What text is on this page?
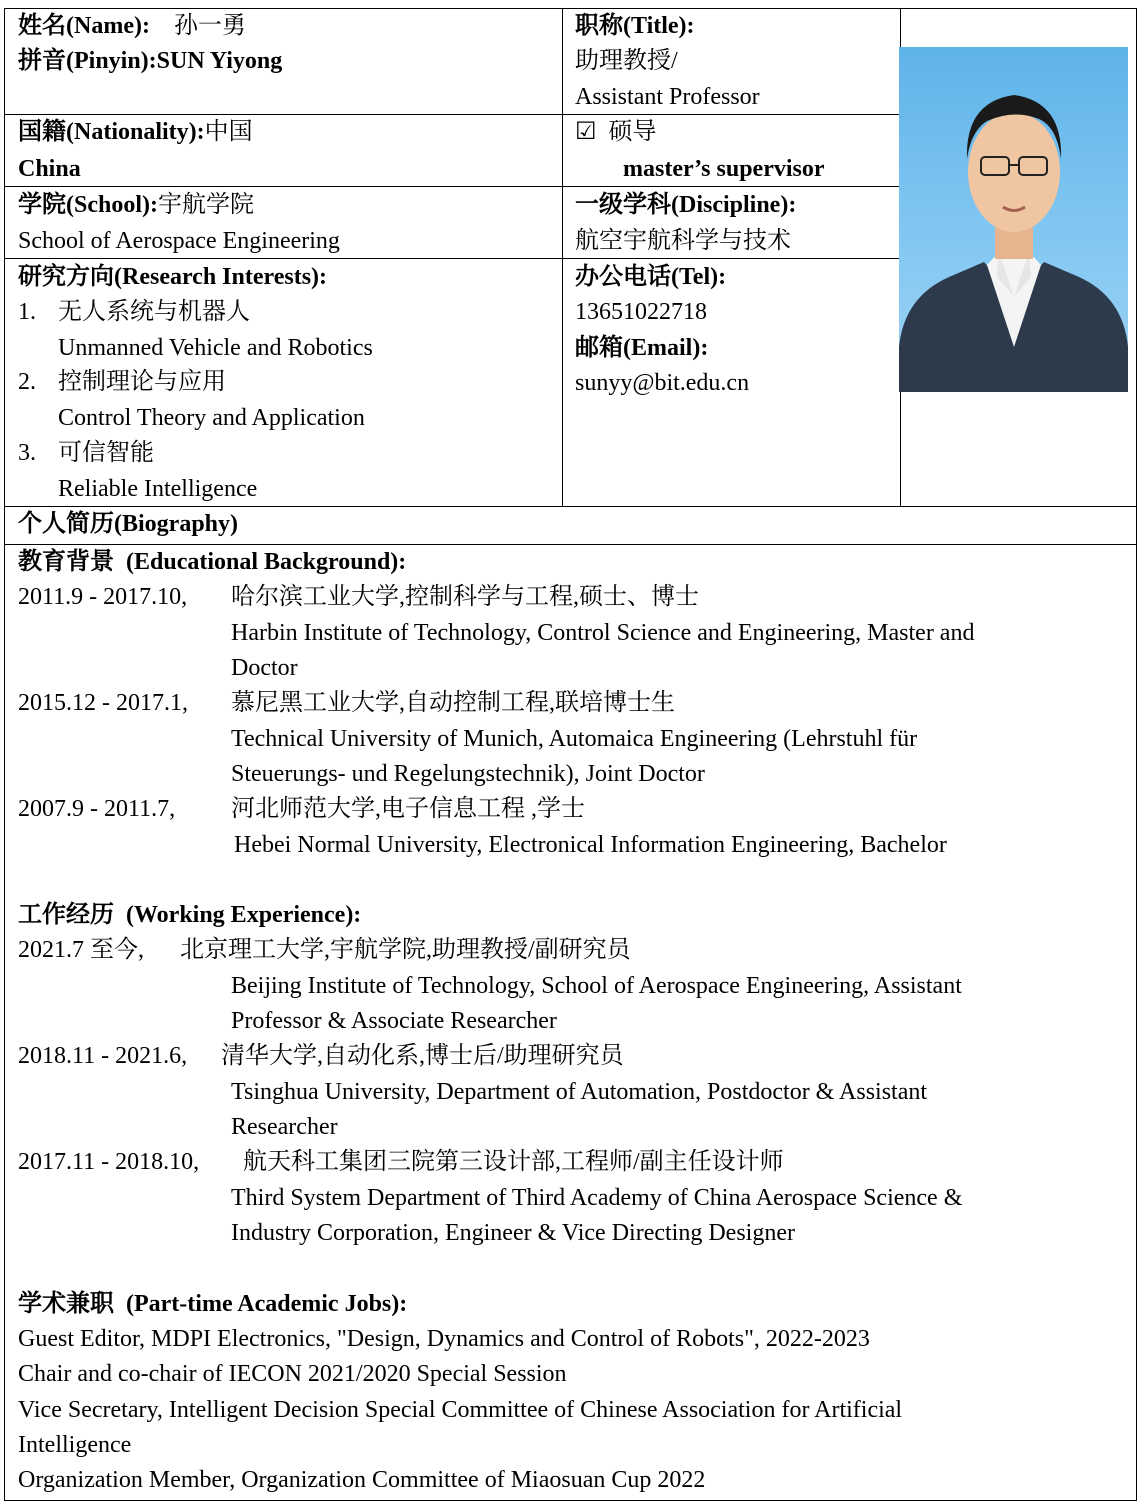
姓名(Name): 孙一勇
拼音(Pinyin):SUN Yiyong
职称(Title):
助理教授/
Assistant Professor
国籍(Nationality):中国
China
☑ 硕导
master’s supervisor
学院(School):宇航学院
School of Aerospace Engineering
一级学科(Discipline):
航空宇航科学与技术
研究方向(Research Interests):
1. 无人系统与机器人
Unmanned Vehicle and Robotics
2. 控制理论与应用
Control Theory and Application
3. 可信智能
Reliable Intelligence
办公电话(Tel):
13651022718
邮箱(Email):
sunyy@bit.edu.cn
个人简历(Biography)
教育背景 (Educational Background):
2011.9 - 2017.10, 哈尔滨工业大学,控制科学与工程,硕士、博士
Harbin Institute of Technology, Control Science and Engineering, Master and
Doctor
2015.12 - 2017.1, 慕尼黑工业大学,自动控制工程,联培博士生
Technical University of Munich, Automaica Engineering (Lehrstuhl für
Steuerungs- und Regelungstechnik), Joint Doctor
2007.9 - 2011.7, 河北师范大学,电子信息工程 ,学士
Hebei Normal University, Electronical Information Engineering, Bachelor
工作经历 (Working Experience):
2021.7 至今, 北京理工大学,宇航学院,助理教授/副研究员
Beijing Institute of Technology, School of Aerospace Engineering, Assistant
Professor & Associate Researcher
2018.11 - 2021.6, 清华大学,自动化系,博士后/助理研究员
Tsinghua University, Department of Automation, Postdoctor & Assistant
Researcher
2017.11 - 2018.10, 航天科工集团三院第三设计部,工程师/副主任设计师
Third System Department of Third Academy of China Aerospace Science &
Industry Corporation, Engineer & Vice Directing Designer
学术兼职 (Part-time Academic Jobs):
Guest Editor, MDPI Electronics, "Design, Dynamics and Control of Robots", 2022-2023
Chair and co-chair of IECON 2021/2020 Special Session
Vice Secretary, Intelligent Decision Special Committee of Chinese Association for Artificial
Intelligence
Organization Member, Organization Committee of Miaosuan Cup 2022
